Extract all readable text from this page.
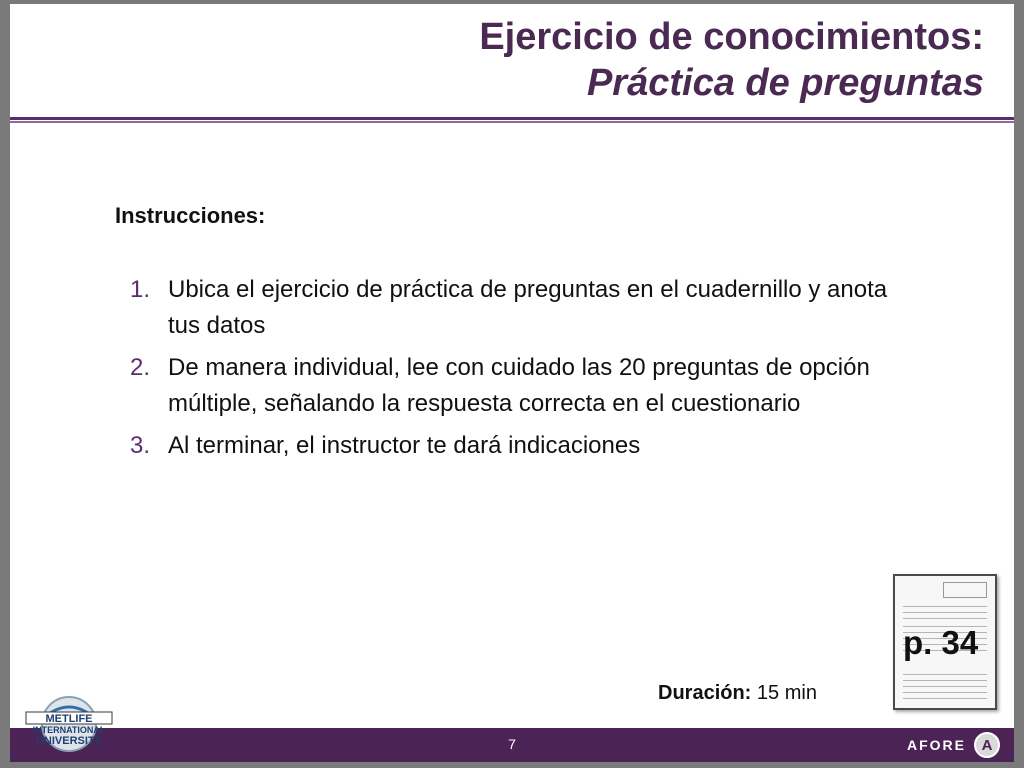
Ejercicio de conocimientos:
Práctica de preguntas
Instrucciones:
1. Ubica el ejercicio de práctica de preguntas en el cuadernillo y anota tus datos
2. De manera individual, lee con cuidado las 20 preguntas de opción múltiple, señalando la respuesta correcta en el cuestionario
3. Al terminar, el instructor te dará indicaciones
p. 34
Duración: 15 min
7
METLIFE
INTERNATIONAL
UNIVERSITY	AFORE	A
